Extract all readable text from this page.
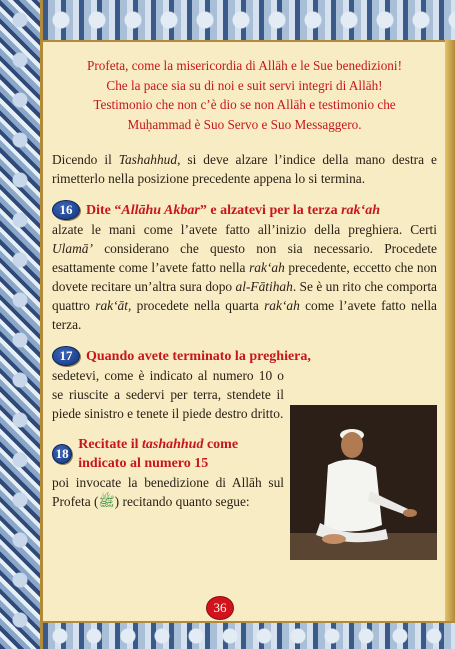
Profeta, come la misericordia di Allāh e le Sue benedizioni!
Che la pace sia su di noi e suit servi integri di Allāh!
Testimonio che non c’è dio se non Allāh e testimonio che
Muḥammad è Suo Servo e Suo Messaggero.

Dicendo il Tashahhud, si deve alzare l’indice della mano destra e rimetterlo nella posizione precedente appena lo si termina.

16 Dite “Allāhu Akbar” e alzatevi per la terza rak‘ah

alzate le mani come l’avete fatto all’inizio della preghiera. Certi Ulamā’ considerano che questo non sia necessario. Procedete esattamente come l’avete fatto nella rak‘ah precedente, eccetto che non dovete recitare un’altra sura dopo al-Fātihah. Se è un rito che comporta quattro rak‘āt, procedete nella quarta rak‘ah come l’avete fatto nella terza.

17 Quando avete terminato la preghiera,

sedetevi, come è indicato al numero 10 o se riuscite a sedervi per terra, stendete il piede sinistro e tenete il piede destro dritto.

18
Recitate il tashahhud come indicato al numero 15

poi invocate la benedizione di Allāh sul Profeta (ﷺ) recitando quanto segue:

36
